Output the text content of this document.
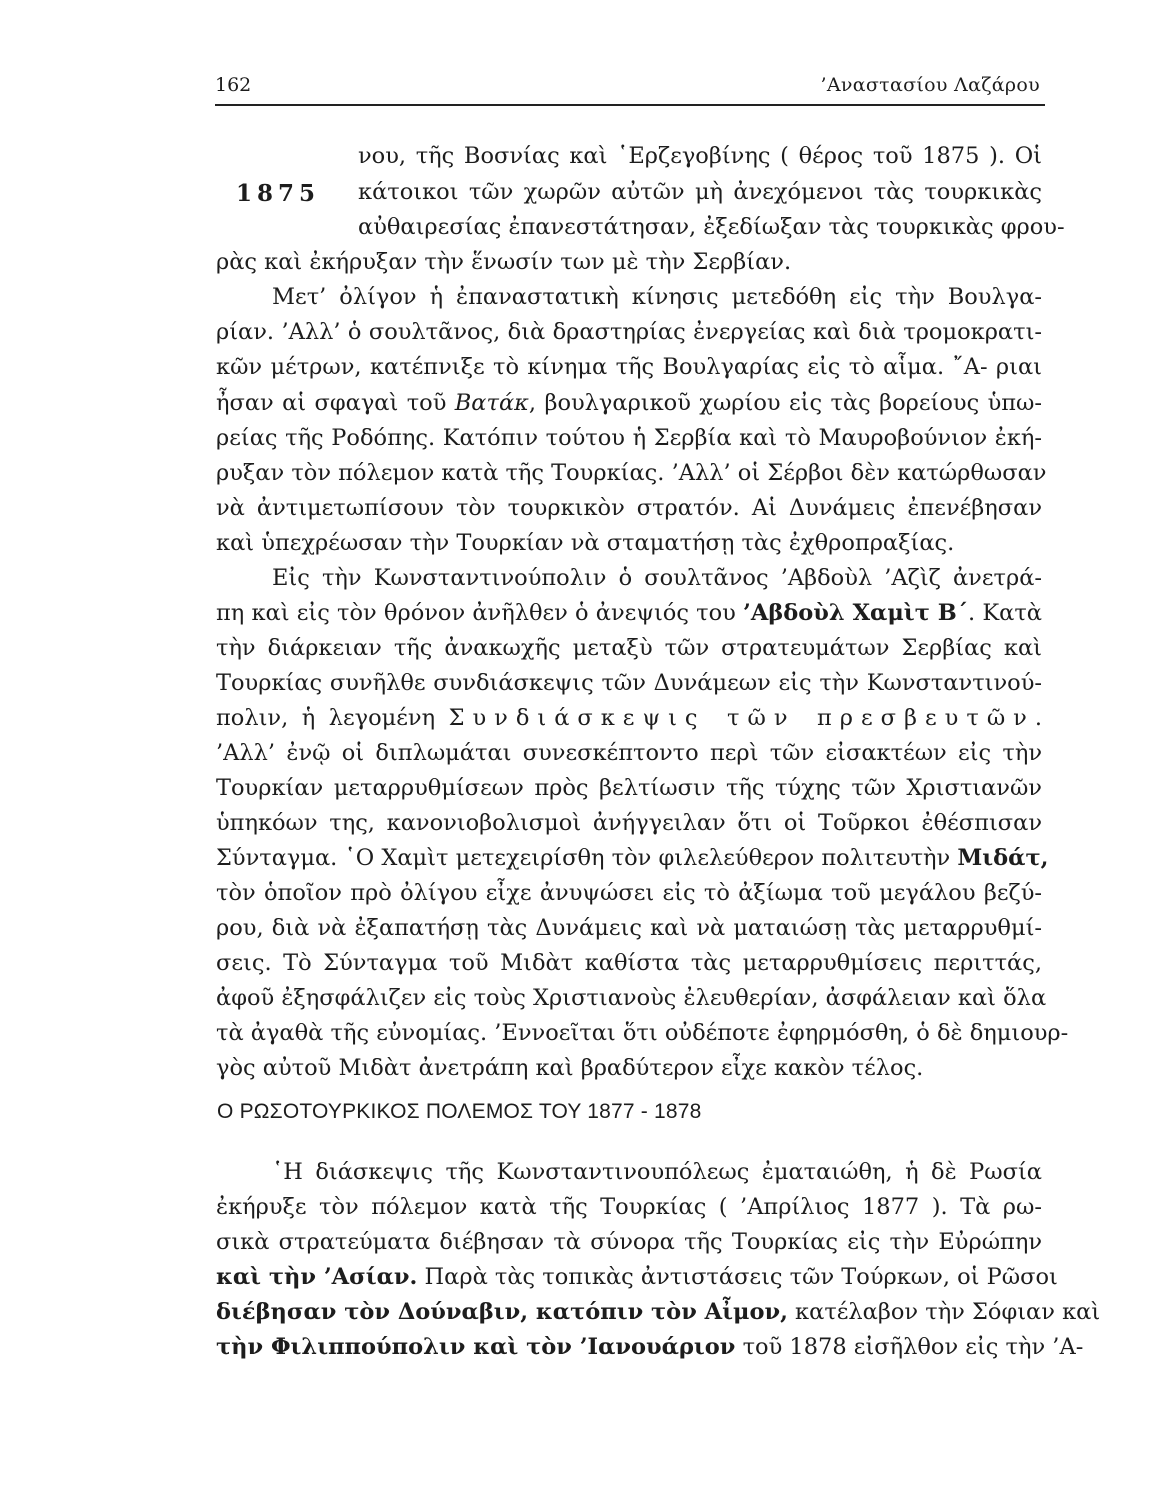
162	’Αναστασίου Λαζάρου
1875

νου, τῆς Βοσνίας καὶ ῾Ερζεγοβίνης ( θέρος τοῦ 1875 ). Οἱ

κάτοικοι τῶν χωρῶν αὐτῶν μὴ ἀνεχόμενοι τὰς τουρκικὰς

αὐθαιρεσίας ἐπανεστάτησαν, ἐξεδίωξαν τὰς τουρκικὰς φρου-

ρὰς καὶ ἐκήρυξαν τὴν ἕνωσίν των μὲ τὴν Σερβίαν.

Μετ’ ὀλίγον ἡ ἐπαναστατικὴ κίνησις μετεδόθη εἰς τὴν Βουλγα-

ρίαν. ’Αλλ’ ὁ σουλτᾶνος, διὰ δραστηρίας ἐνεργείας καὶ διὰ τρομοκρατι-

κῶν μέτρων, κατέπνιξε τὸ κίνημα τῆς Βουλγαρίας εἰς τὸ αἷμα. ῎Α- ριαι

ἦσαν αἱ σφαγαὶ τοῦ Βατάκ, βουλγαρικοῦ χωρίου εἰς τὰς βορείους ὑπω-

ρείας τῆς Ροδόπης. Κατόπιν τούτου ἡ Σερβία καὶ τὸ Μαυροβούνιον ἐκή-

ρυξαν τὸν πόλεμον κατὰ τῆς Τουρκίας. ’Αλλ’ οἱ Σέρβοι δὲν κατώρθωσαν

νὰ ἀντιμετωπίσουν τὸν τουρκικὸν στρατόν. Αἱ Δυνάμεις ἐπενέβησαν

καὶ ὑπεχρέωσαν τὴν Τουρκίαν νὰ σταματήσῃ τὰς ἐχθροπραξίας.

Εἰς τὴν Κωνσταντινούπολιν ὁ σουλτᾶνος ’Αβδοὺλ ’Αζὶζ ἀνετρά-

πη καὶ εἰς τὸν θρόνον ἀνῆλθεν ὁ ἀνεψιός του ’Αβδοὺλ Χαμὶτ Β΄. Κατὰ

τὴν διάρκειαν τῆς ἀνακωχῆς μεταξὺ τῶν στρατευμάτων Σερβίας καὶ

Τουρκίας συνῆλθε συνδιάσκεψις τῶν Δυνάμεων εἰς τὴν Κωνσταντινού-

πολιν, ἡ λεγομένη Συνδιάσκεψις τῶν πρεσβευτῶν.

’Αλλ’ ἐνῷ οἱ διπλωμάται συνεσκέπτοντο περὶ τῶν εἰσακτέων εἰς τὴν

Τουρκίαν μεταρρυθμίσεων πρὸς βελτίωσιν τῆς τύχης τῶν Χριστιανῶν

ὑπηκόων της, κανονιοβολισμοὶ ἀνήγγειλαν ὅτι οἱ Τοῦρκοι ἐθέσπισαν

Σύνταγμα. ῾Ο Χαμὶτ μετεχειρίσθη τὸν φιλελεύθερον πολιτευτὴν Μιδάτ,

τὸν ὁποῖον πρὸ ὀλίγου εἶχε ἀνυψώσει εἰς τὸ ἀξίωμα τοῦ μεγάλου βεζύ-

ρου, διὰ νὰ ἐξαπατήσῃ τὰς Δυνάμεις καὶ νὰ ματαιώσῃ τὰς μεταρρυθμί-

σεις. Τὸ Σύνταγμα τοῦ Μιδὰτ καθίστα τὰς μεταρρυθμίσεις περιττάς,

ἀφοῦ ἐξησφάλιζεν εἰς τοὺς Χριστιανοὺς ἐλευθερίαν, ἀσφάλειαν καὶ ὅλα

τὰ ἀγαθὰ τῆς εὐνομίας. ’Εννοεῖται ὅτι οὐδέποτε ἐφηρμόσθη, ὁ δὲ δημιουρ-

γὸς αὐτοῦ Μιδὰτ ἀνετράπη καὶ βραδύτερον εἶχε κακὸν τέλος.

Ο ΡΩΣΟΤΟΥΡΚΙΚΟΣ ΠΟΛΕΜΟΣ ΤΟΥ 1877 - 1878

῾Η διάσκεψις τῆς Κωνσταντινουπόλεως ἐματαιώθη, ἡ δὲ Ρωσία

ἐκήρυξε τὸν πόλεμον κατὰ τῆς Τουρκίας ( ’Απρίλιος 1877 ). Τὰ ρω-

σικὰ στρατεύματα διέβησαν τὰ σύνορα τῆς Τουρκίας εἰς τὴν Εὐρώπην

καὶ τὴν ’Ασίαν. Παρὰ τὰς τοπικὰς ἀντιστάσεις τῶν Τούρκων, οἱ Ρῶσοι

διέβησαν τὸν Δούναβιν, κατόπιν τὸν Αἶμον, κατέλαβον τὴν Σόφιαν καὶ

τὴν Φιλιππούπολιν καὶ τὸν ’Ιανουάριον τοῦ 1878 εἰσῆλθον εἰς τὴν ’Α-
